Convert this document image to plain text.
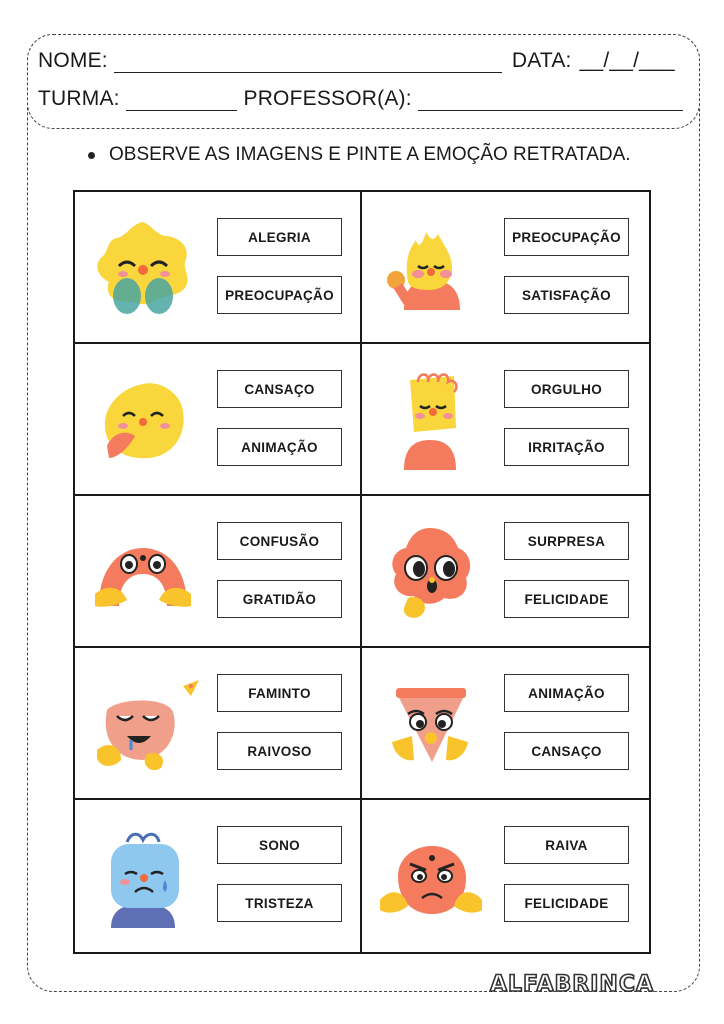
NOME:	DATA: __/__/___
TURMA:	PROFESSOR(A):
OBSERVE AS IMAGENS E PINTE A EMOÇÃO RETRATADA.
ALEGRIA
PREOCUPAÇÃO
PREOCUPAÇÃO
SATISFAÇÃO
CANSAÇO
ANIMAÇÃO
ORGULHO
IRRITAÇÃO
CONFUSÃO
GRATIDÃO
SURPRESA
FELICIDADE
FAMINTO
RAIVOSO
ANIMAÇÃO
CANSAÇO
SONO
TRISTEZA
RAIVA
FELICIDADE
ALFABRINCA
